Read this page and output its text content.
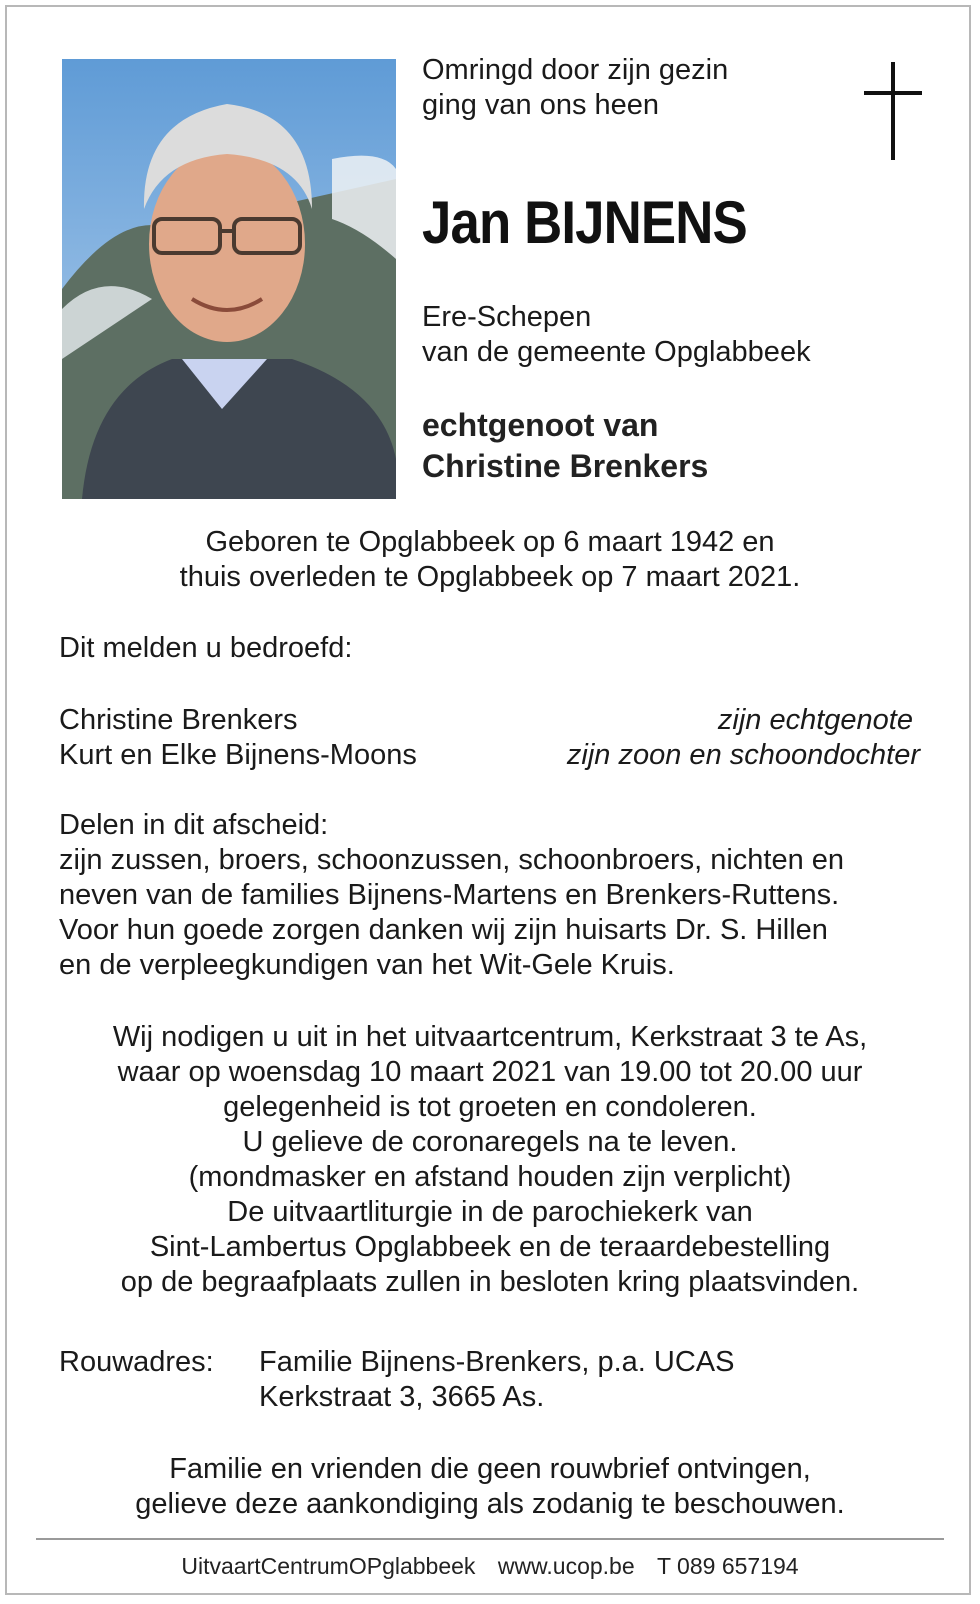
Omringd door zijn gezin
ging van ons heen
Jan BIJNENS
Ere-Schepen
van de gemeente Opglabbeek
echtgenoot van
Christine Brenkers
Geboren te Opglabbeek op 6 maart 1942 en
thuis overleden te Opglabbeek op 7 maart 2021.
Dit melden u bedroefd:
Christine Brenkers	zijn echtgenote
Kurt en Elke Bijnens-Moons	zijn zoon en schoondochter
Delen in dit afscheid:
zijn zussen, broers, schoonzussen, schoonbroers, nichten en
neven van de families Bijnens-Martens en Brenkers-Ruttens.
Voor hun goede zorgen danken wij zijn huisarts Dr. S. Hillen
en de verpleegkundigen van het Wit-Gele Kruis.
Wij nodigen u uit in het uitvaartcentrum, Kerkstraat 3 te As,
waar op woensdag 10 maart 2021 van 19.00 tot 20.00 uur
gelegenheid is tot groeten en condoleren.
U gelieve de coronaregels na te leven.
(mondmasker en afstand houden zijn verplicht)
De uitvaartliturgie in de parochiekerk van
Sint-Lambertus Opglabbeek en de teraardebestelling
op de begraafplaats zullen in besloten kring plaatsvinden.
Rouwadres: Familie Bijnens-Brenkers, p.a. UCAS
Kerkstraat 3, 3665 As.
Familie en vrienden die geen rouwbrief ontvingen,
gelieve deze aankondiging als zodanig te beschouwen.
UitvaartCentrumOPglabbeek www.ucop.be T 089 657194
